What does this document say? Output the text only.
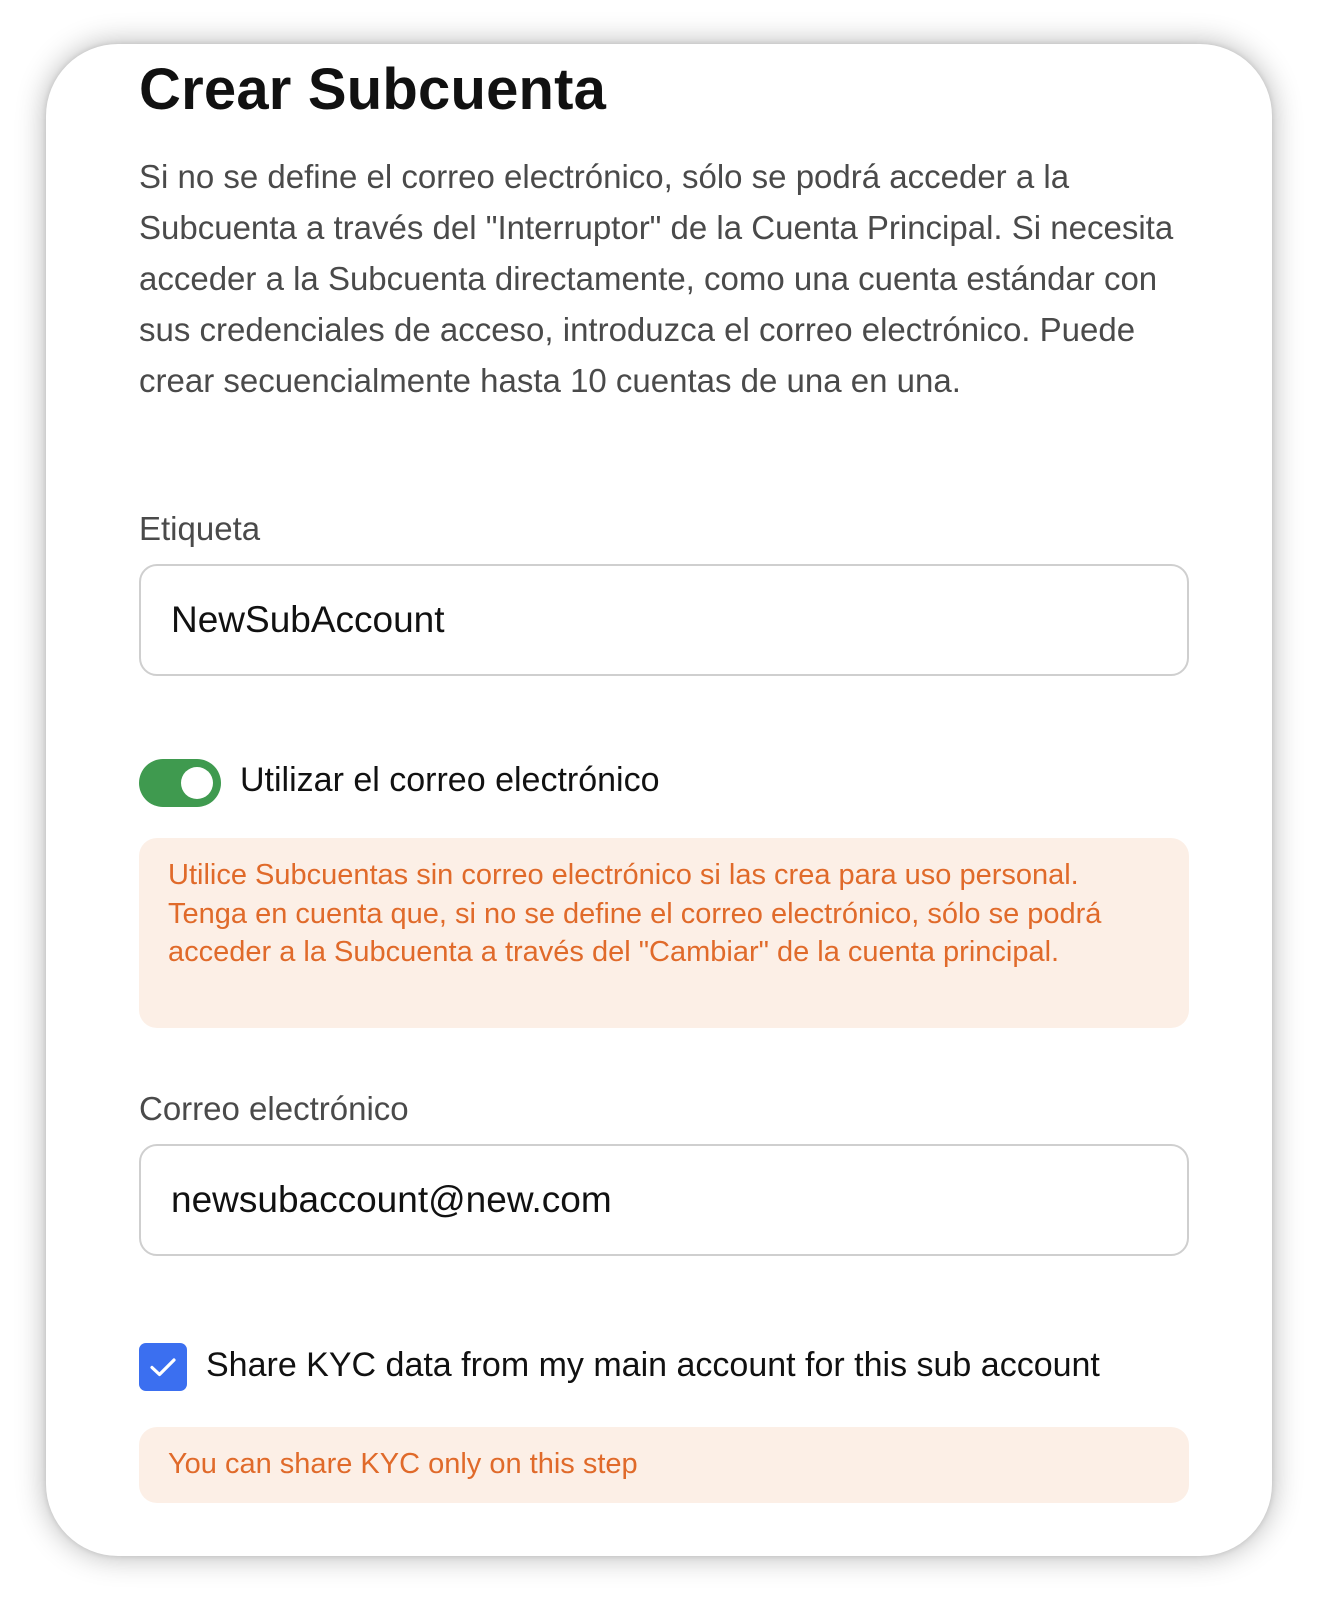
Crear Subcuenta

Si no se define el correo electrónico, sólo se podrá acceder a la Subcuenta a través del "Interruptor" de la Cuenta Principal. Si necesita acceder a la Subcuenta directamente, como una cuenta estándar con sus credenciales de acceso, introduzca el correo electrónico. Puede crear secuencialmente hasta 10 cuentas de una en una.

Etiqueta
NewSubAccount
Utilizar el correo electrónico
Utilice Subcuentas sin correo electrónico si las crea para uso personal. Tenga en cuenta que, si no se define el correo electrónico, sólo se podrá acceder a la Subcuenta a través del "Cambiar" de la cuenta principal.
Correo electrónico
newsubaccount@new.com
Share KYC data from my main account for this sub account
You can share KYC only on this step
